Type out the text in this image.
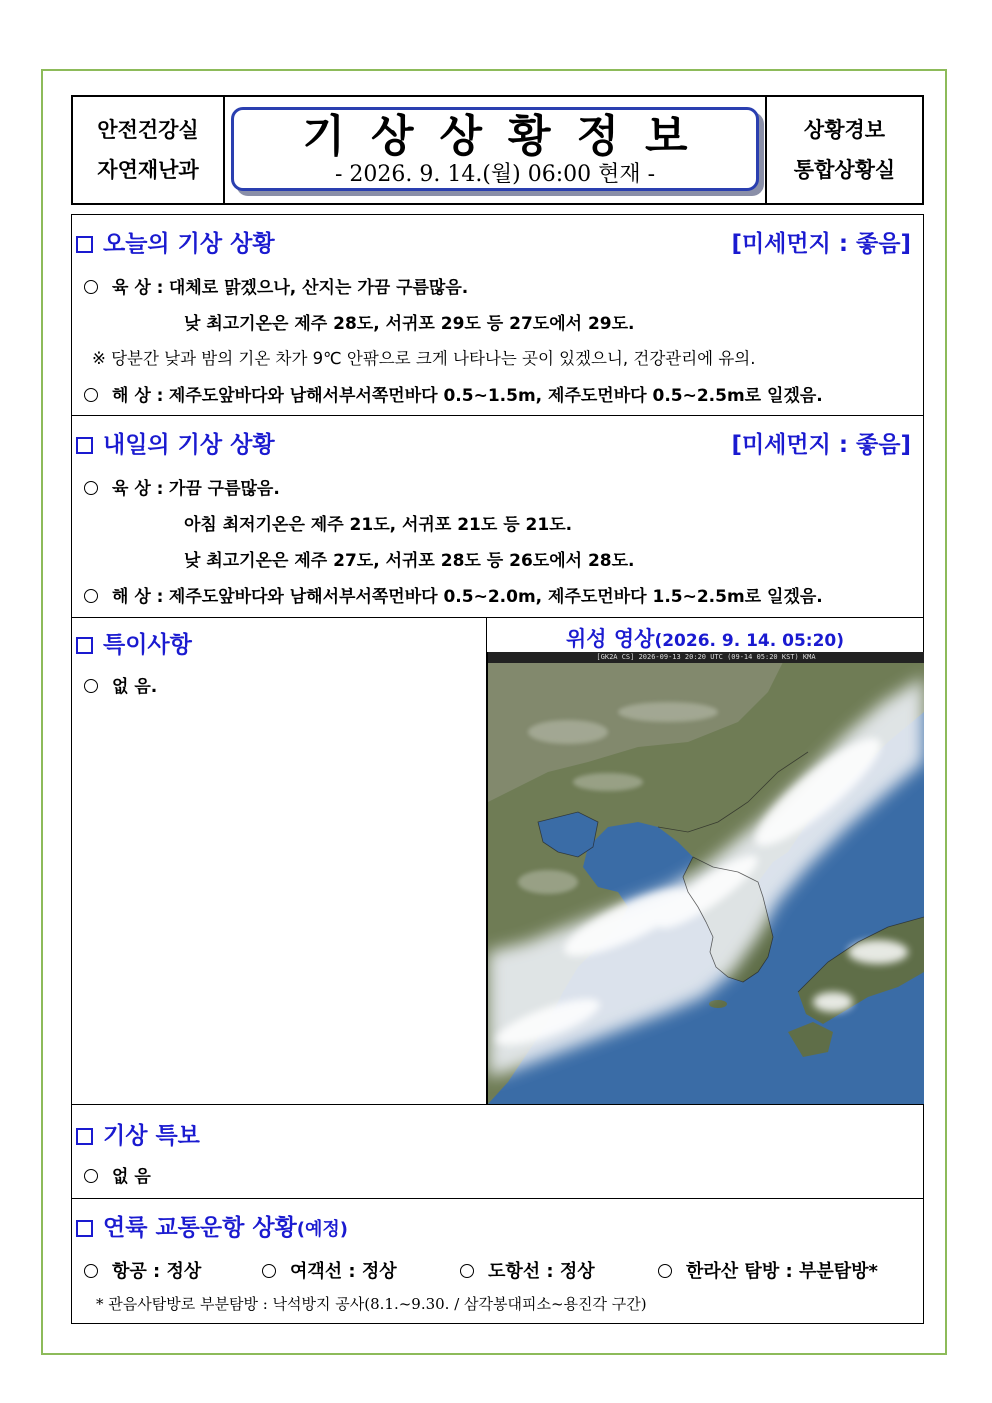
안전건강실
자연재난과
기상상황정보
- 2026. 9. 14.(월) 06:00 현재 -
상황경보
통합상황실
오늘의 기상 상황	[미세먼지 : 좋음]
육 상 : 대체로 맑겠으나, 산지는 가끔 구름많음.
낮 최고기온은 제주 28도, 서귀포 29도 등 27도에서 29도.
※ 당분간 낮과 밤의 기온 차가 9℃ 안팎으로 크게 나타나는 곳이 있겠으니, 건강관리에 유의.
해 상 : 제주도앞바다와 남해서부서쪽먼바다 0.5~1.5m, 제주도먼바다 0.5~2.5m로 일겠음.
내일의 기상 상황	[미세먼지 : 좋음]
육 상 : 가끔 구름많음.
아침 최저기온은 제주 21도, 서귀포 21도 등 21도.
낮 최고기온은 제주 27도, 서귀포 28도 등 26도에서 28도.
해 상 : 제주도앞바다와 남해서부서쪽먼바다 0.5~2.0m, 제주도먼바다 1.5~2.5m로 일겠음.
특이사항
없 음.
위성 영상(2026. 9. 14. 05:20)
[GK2A CS] 2026-09-13 20:20 UTC (09-14 05:20 KST) KMA
기상 특보
없 음
연륙 교통운항 상황(예정)
항공 : 정상	여객선 : 정상	도항선 : 정상	한라산 탐방 : 부분탐방*
* 관음사탐방로 부분탐방 : 낙석방지 공사(8.1.~9.30. / 삼각봉대피소~용진각 구간)
